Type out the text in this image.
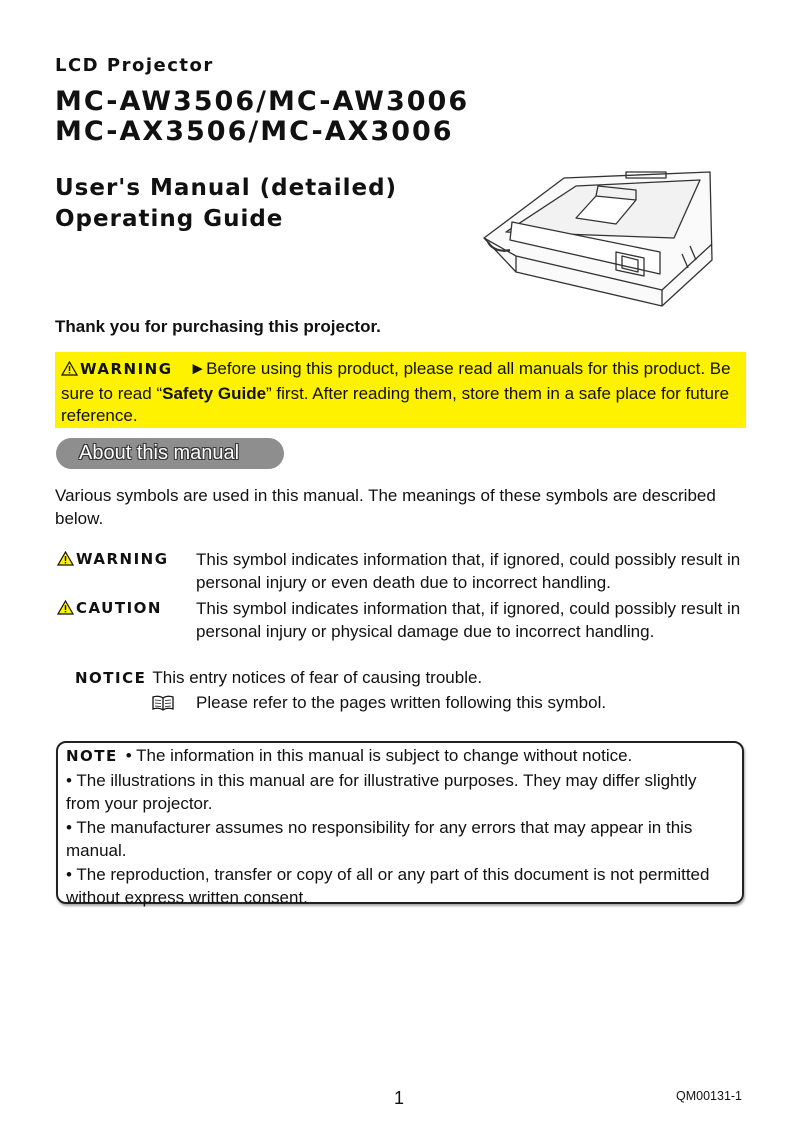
LCD Projector
MC-AW3506/MC-AW3006
MC-AX3506/MC-AX3006
User's Manual (detailed)
Operating Guide
Thank you for purchasing this projector.
WARNING ►Before using this product, please read all manuals for this product. Be sure to read “Safety Guide” first. After reading them, store them in a safe place for future reference.
About this manual
Various symbols are used in this manual. The meanings of these symbols are described below.
WARNING This symbol indicates information that, if ignored, could possibly result in personal injury or even death due to incorrect handling.
CAUTION This symbol indicates information that, if ignored, could possibly result in personal injury or physical damage due to incorrect handling.
NOTICE This entry notices of fear of causing trouble.
Please refer to the pages written following this symbol.
NOTE • The information in this manual is subject to change without notice.
• The illustrations in this manual are for illustrative purposes. They may differ slightly from your projector.
• The manufacturer assumes no responsibility for any errors that may appear in this manual.
• The reproduction, transfer or copy of all or any part of this document is not permitted without express written consent.
1	QM00131-1
